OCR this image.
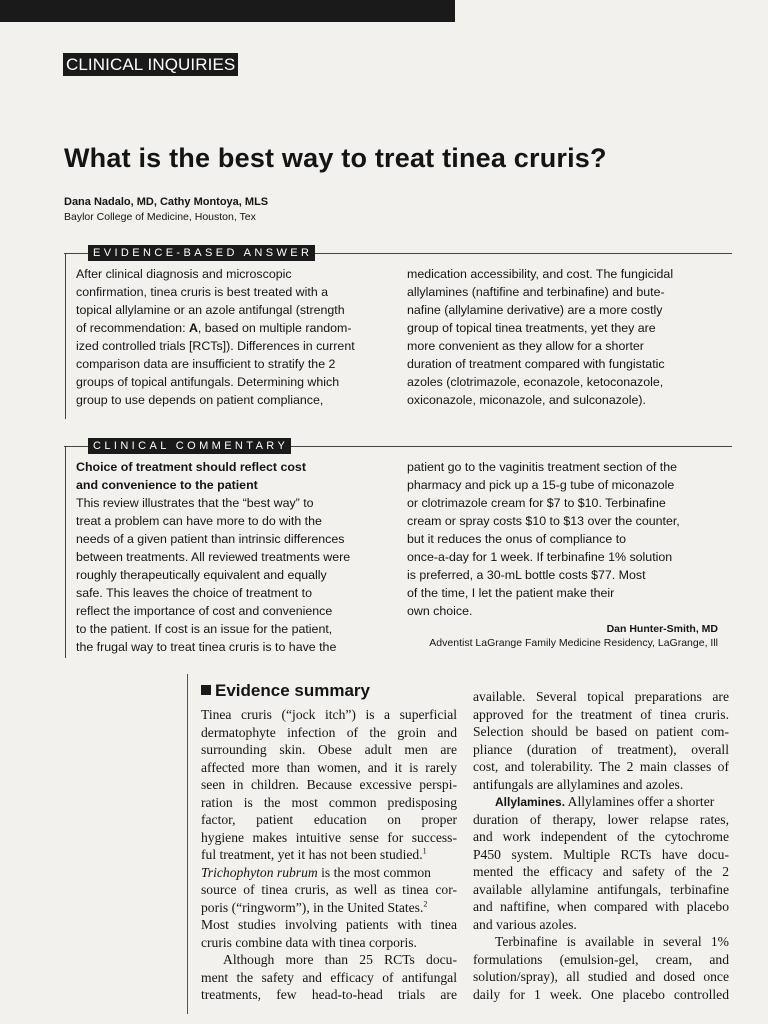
CLINICAL INQUIRIES
What is the best way to treat tinea cruris?
Dana Nadalo, MD, Cathy Montoya, MLS
Baylor College of Medicine, Houston, Tex
EVIDENCE-BASED ANSWER
After clinical diagnosis and microscopic
confirmation, tinea cruris is best treated with a
topical allylamine or an azole antifungal (strength
of recommendation: A, based on multiple random-
ized controlled trials [RCTs]). Differences in current
comparison data are insufficient to stratify the 2
groups of topical antifungals. Determining which
group to use depends on patient compliance,
medication accessibility, and cost. The fungicidal
allylamines (naftifine and terbinafine) and bute-
nafine (allylamine derivative) are a more costly
group of topical tinea treatments, yet they are
more convenient as they allow for a shorter
duration of treatment compared with fungistatic
azoles (clotrimazole, econazole, ketoconazole,
oxiconazole, miconazole, and sulconazole).
CLINICAL COMMENTARY
Choice of treatment should reflect cost
and convenience to the patient
This review illustrates that the “best way” to
treat a problem can have more to do with the
needs of a given patient than intrinsic differences
between treatments. All reviewed treatments were
roughly therapeutically equivalent and equally
safe. This leaves the choice of treatment to
reflect the importance of cost and convenience
to the patient. If cost is an issue for the patient,
the frugal way to treat tinea cruris is to have the
patient go to the vaginitis treatment section of the
pharmacy and pick up a 15-g tube of miconazole
or clotrimazole cream for $7 to $10. Terbinafine
cream or spray costs $10 to $13 over the counter,
but it reduces the onus of compliance to
once-a-day for 1 week. If terbinafine 1% solution
is preferred, a 30-mL bottle costs $77. Most
of the time, I let the patient make their
own choice.
Dan Hunter-Smith, MD
Adventist LaGrange Family Medicine Residency, LaGrange, Ill
Evidence summary
Tinea cruris (“jock itch”) is a superficial
dermatophyte infection of the groin and
surrounding skin. Obese adult men are
affected more than women, and it is rarely
seen in children. Because excessive perspi-
ration is the most common predisposing
factor, patient education on proper
hygiene makes intuitive sense for success-
ful treatment, yet it has not been studied.$^1$
Trichophyton rubrum is the most common
source of tinea cruris, as well as tinea cor-
poris (“ringworm”), in the United States.$^2$
Most studies involving patients with tinea
cruris combine data with tinea corporis.
Although more than 25 RCTs docu-
ment the safety and efficacy of antifungal
treatments, few head-to-head trials are
available. Several topical preparations are
approved for the treatment of tinea cruris.
Selection should be based on patient com-
pliance (duration of treatment), overall
cost, and tolerability. The 2 main classes of
antifungals are allylamines and azoles.
Allylamines. Allylamines offer a shorter
duration of therapy, lower relapse rates,
and work independent of the cytochrome
P450 system. Multiple RCTs have docu-
mented the efficacy and safety of the 2
available allylamine antifungals, terbinafine
and naftifine, when compared with placebo
and various azoles.
Terbinafine is available in several 1%
formulations (emulsion-gel, cream, and
solution/spray), all studied and dosed once
daily for 1 week. One placebo controlled
